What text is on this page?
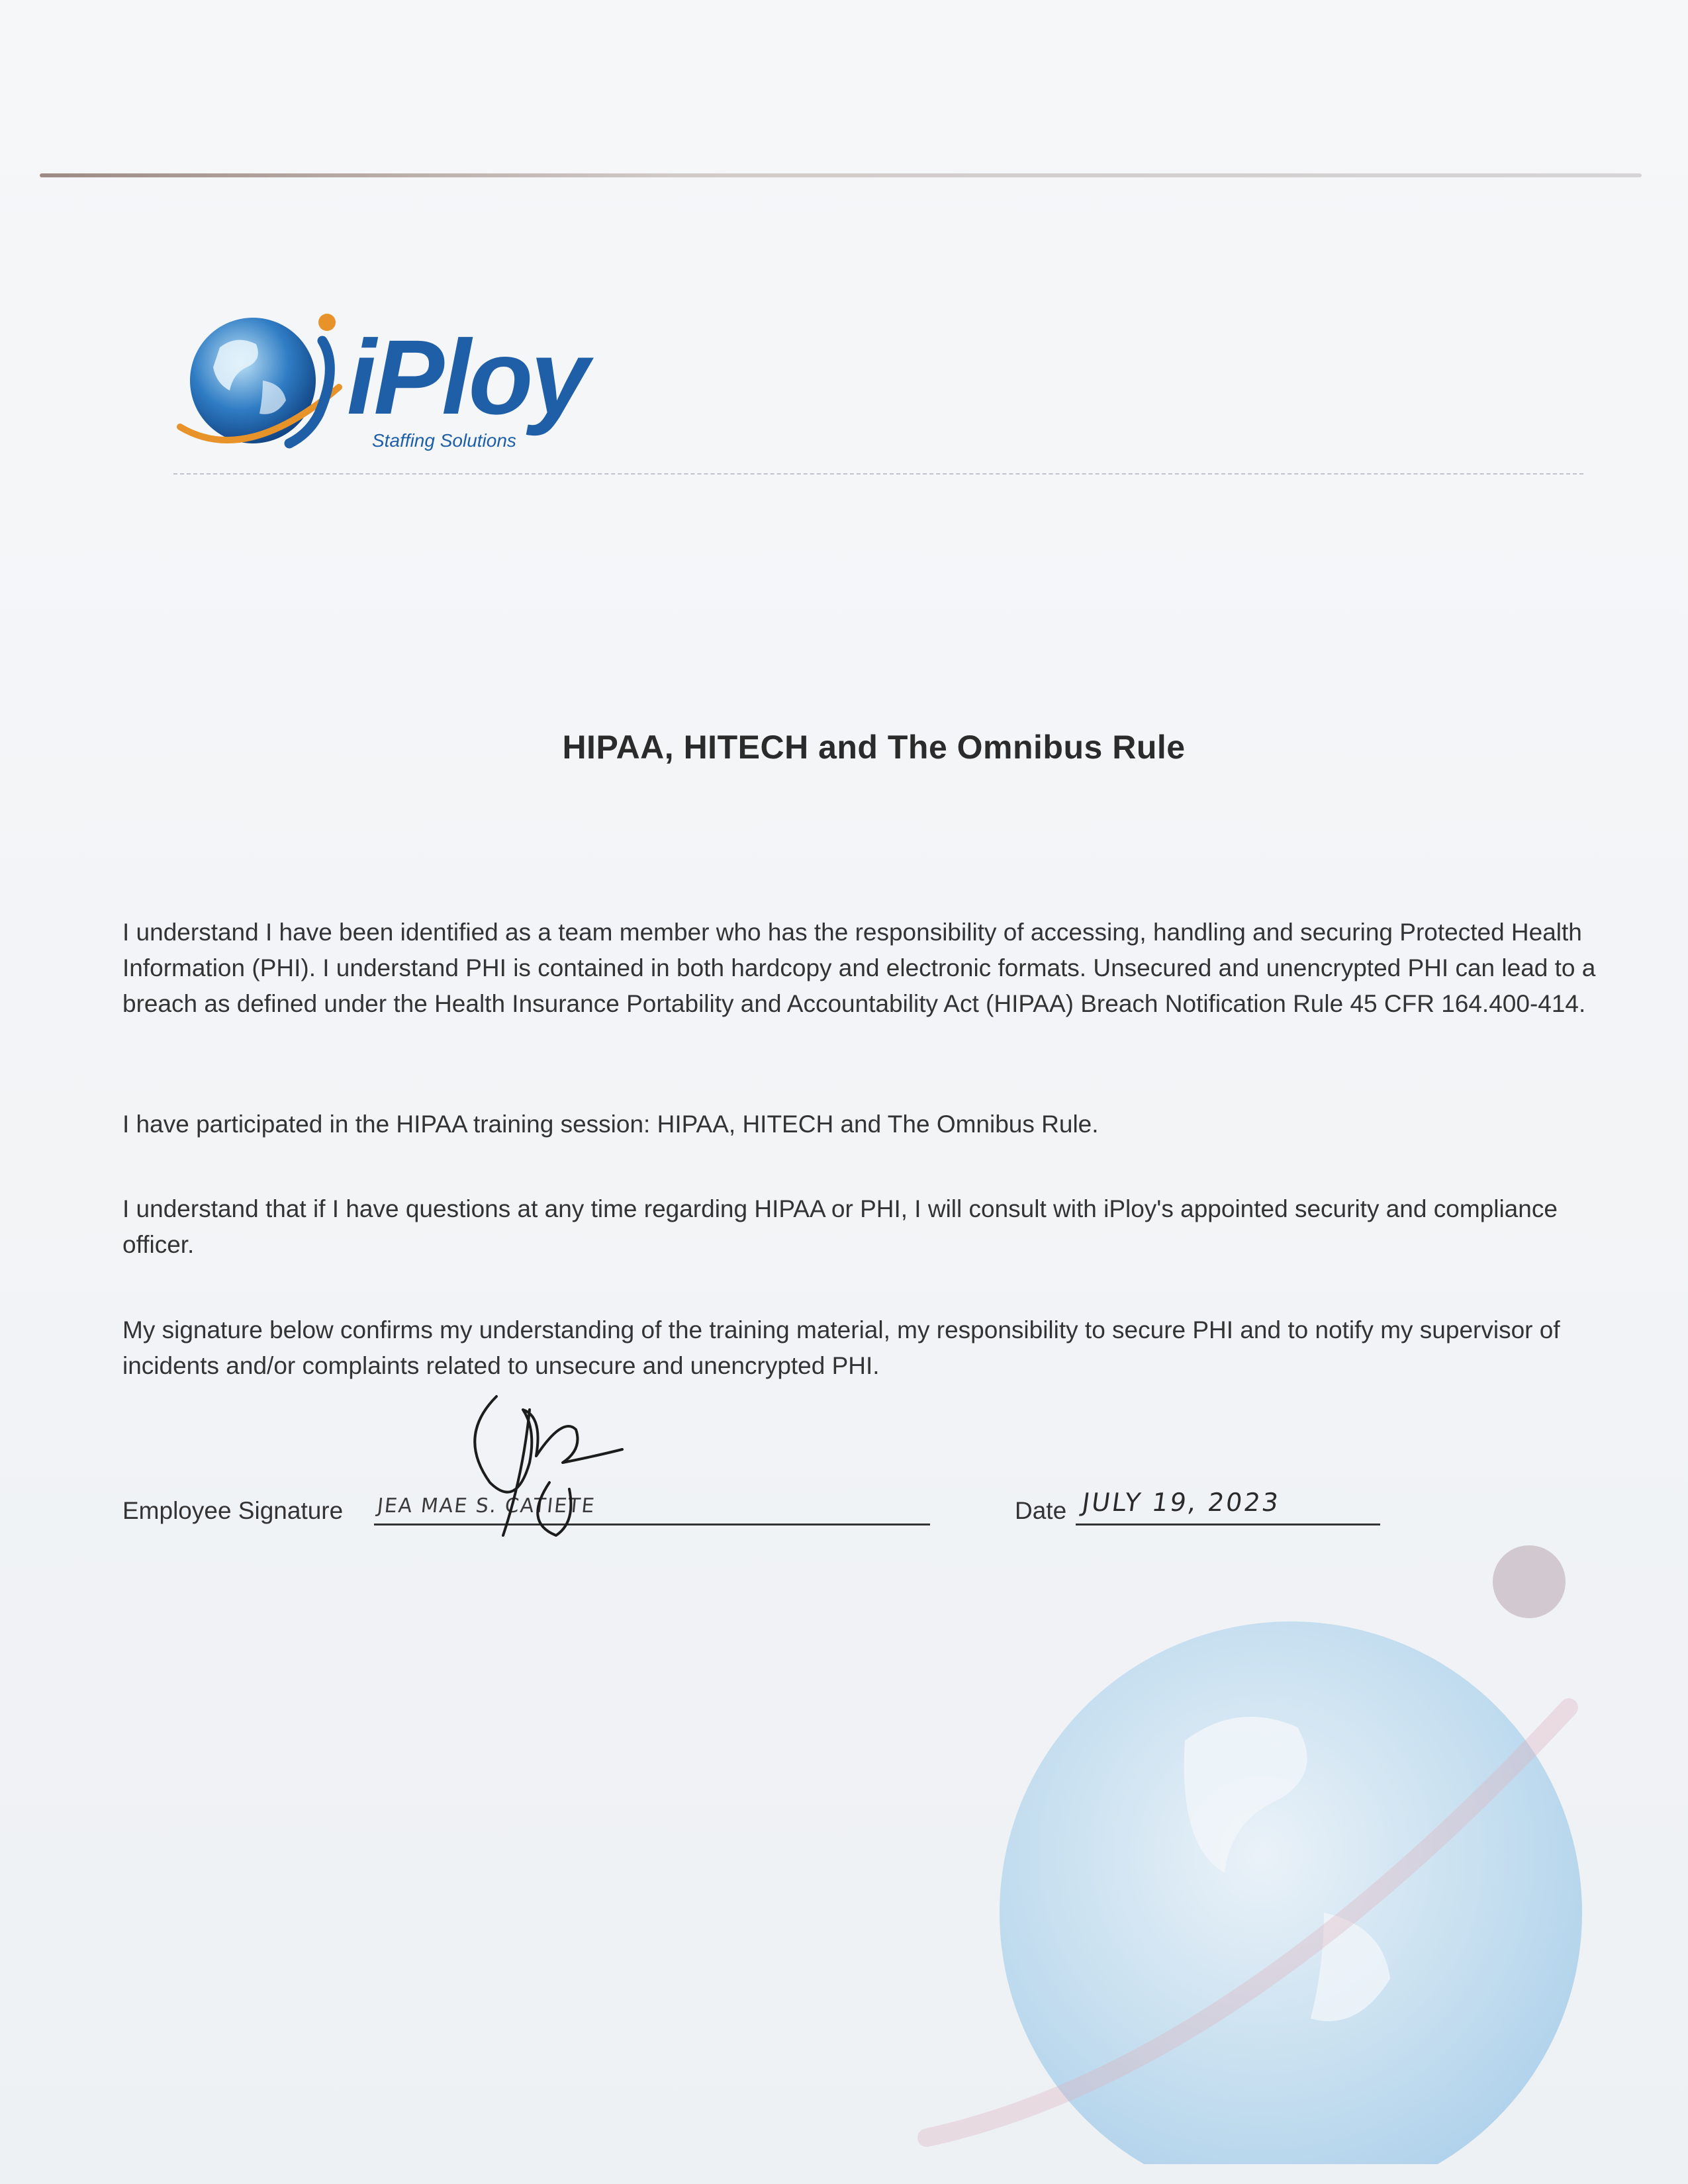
iPloy
Staffing Solutions
HIPAA, HITECH and The Omnibus Rule

I understand I have been identified as a team member who has the responsibility of accessing, handling and securing Protected Health Information (PHI). I understand PHI is contained in both hardcopy and electronic formats. Unsecured and unencrypted PHI can lead to a breach as defined under the Health Insurance Portability and Accountability Act (HIPAA) Breach Notification Rule 45 CFR 164.400-414.

I have participated in the HIPAA training session: HIPAA, HITECH and The Omnibus Rule.

I understand that if I have questions at any time regarding HIPAA or PHI, I will consult with iPloy's appointed security and compliance officer.

My signature below confirms my understanding of the training material, my responsibility to secure PHI and to notify my supervisor of incidents and/or complaints related to unsecure and unencrypted PHI.

Employee Signature JEA MAE S. CATIETE	Date JULY 19, 2023
